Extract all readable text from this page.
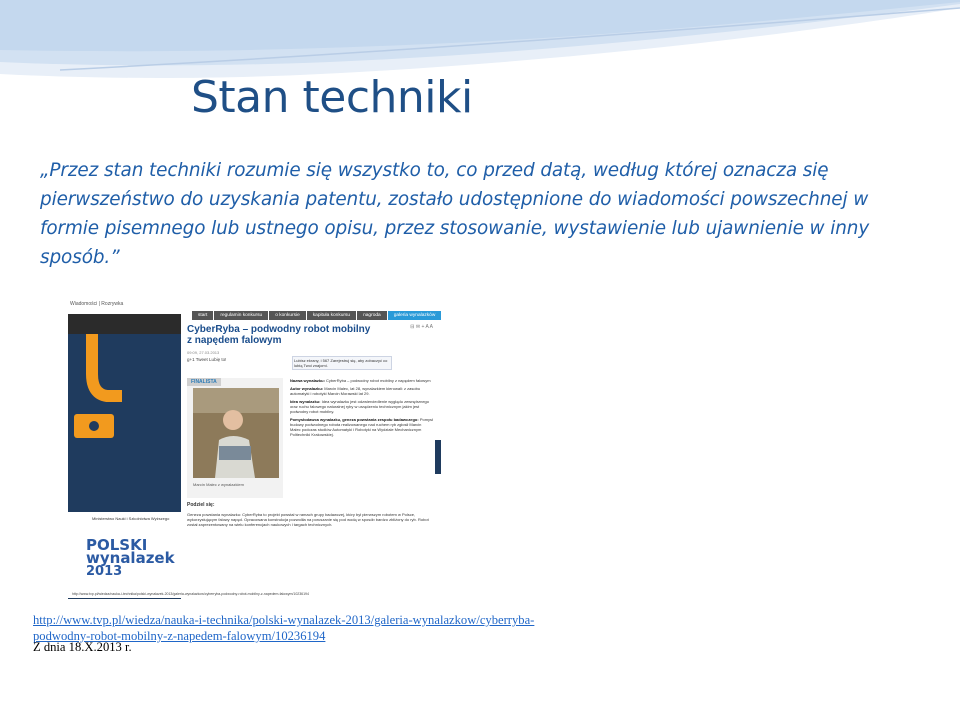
Stan techniki
„Przez stan techniki rozumie się wszystko to, co przed datą, według której oznacza się pierwszeństwo do uzyskania patentu, zostało udostępnione do wiadomości powszechnej w formie pisemnego lub ustnego opisu, przez stosowanie, wystawienie lub ujawnienie w inny sposób.”
Wiadomości | Rozrywka
start	regulamin konkursu	o konkursie	kapituła konkursu	nagroda	galeria wynalazków
Ministerstwo Nauki i Szkolnictwa Wyższego
POLSKI
wynalazek
2013
CyberRyba – podwodny robot mobilny z napędem falowym
⊟ ✉ + A A
09:09, 27.03.2013
g+1 Tweet Lubię to!	Lubisz ekrany, i 567 Zarejestruj się, aby zobaczyć co lubią Twoi znajomi.
FINALISTA
Marcin Malec z wynalazkiem
Podziel się:
Nazwa wynalazku: CyberRyba – podwodny robot mobilny z napędem falowym
Autor wynalazku: Marcin Malec, lat 28, wynalazkiem kierowali: z zasobu automatyki i robotyki Marcin Morawski lat 29.
Idea wynalazku: Idea wynalazku jest odzwierciedlenie wyglądu zewnętrznego oraz ruchu falowego naturalnej ryby w urządzeniu technicznym jakim jest podwodny robot mobilny.
Pomysłodawca wynalazku, geneza powstania zespołu badawczego: Pomysł budowy podwodnego robota realizowanego nad ruchem ryb zgłosił Marcin Malec podczas studiów Automatyki i Robotyki na Wydziale Mechanicznym Politechniki Krakowskiej.
Geneza powstania wynalazku: CyberRyba to projekt powstał w ramach grupy badawczej, który był pierwszym robotem w Polsce, wykorzystującym falowy napęd. Opracowana konstrukcja pozwoliła na poruszanie się pod wodą w sposób bardzo zbliżony do ryb. Robot został zaprezentowany na wielu konferencjach naukowych i targach technicznych.
http://www.tvp.pl/wiedza/nauka-i-technika/polski-wynalazek-2013/galeria-wynalazkow/cyberryba-podwodny-robot-mobilny-z-napedem-falowym/10236194
http://www.tvp.pl/wiedza/nauka-i-technika/polski-wynalazek-2013/galeria-wynalazkow/cyberryba-
podwodny-robot-mobilny-z-napedem-falowym/10236194
Z dnia 18.X.2013 r.
